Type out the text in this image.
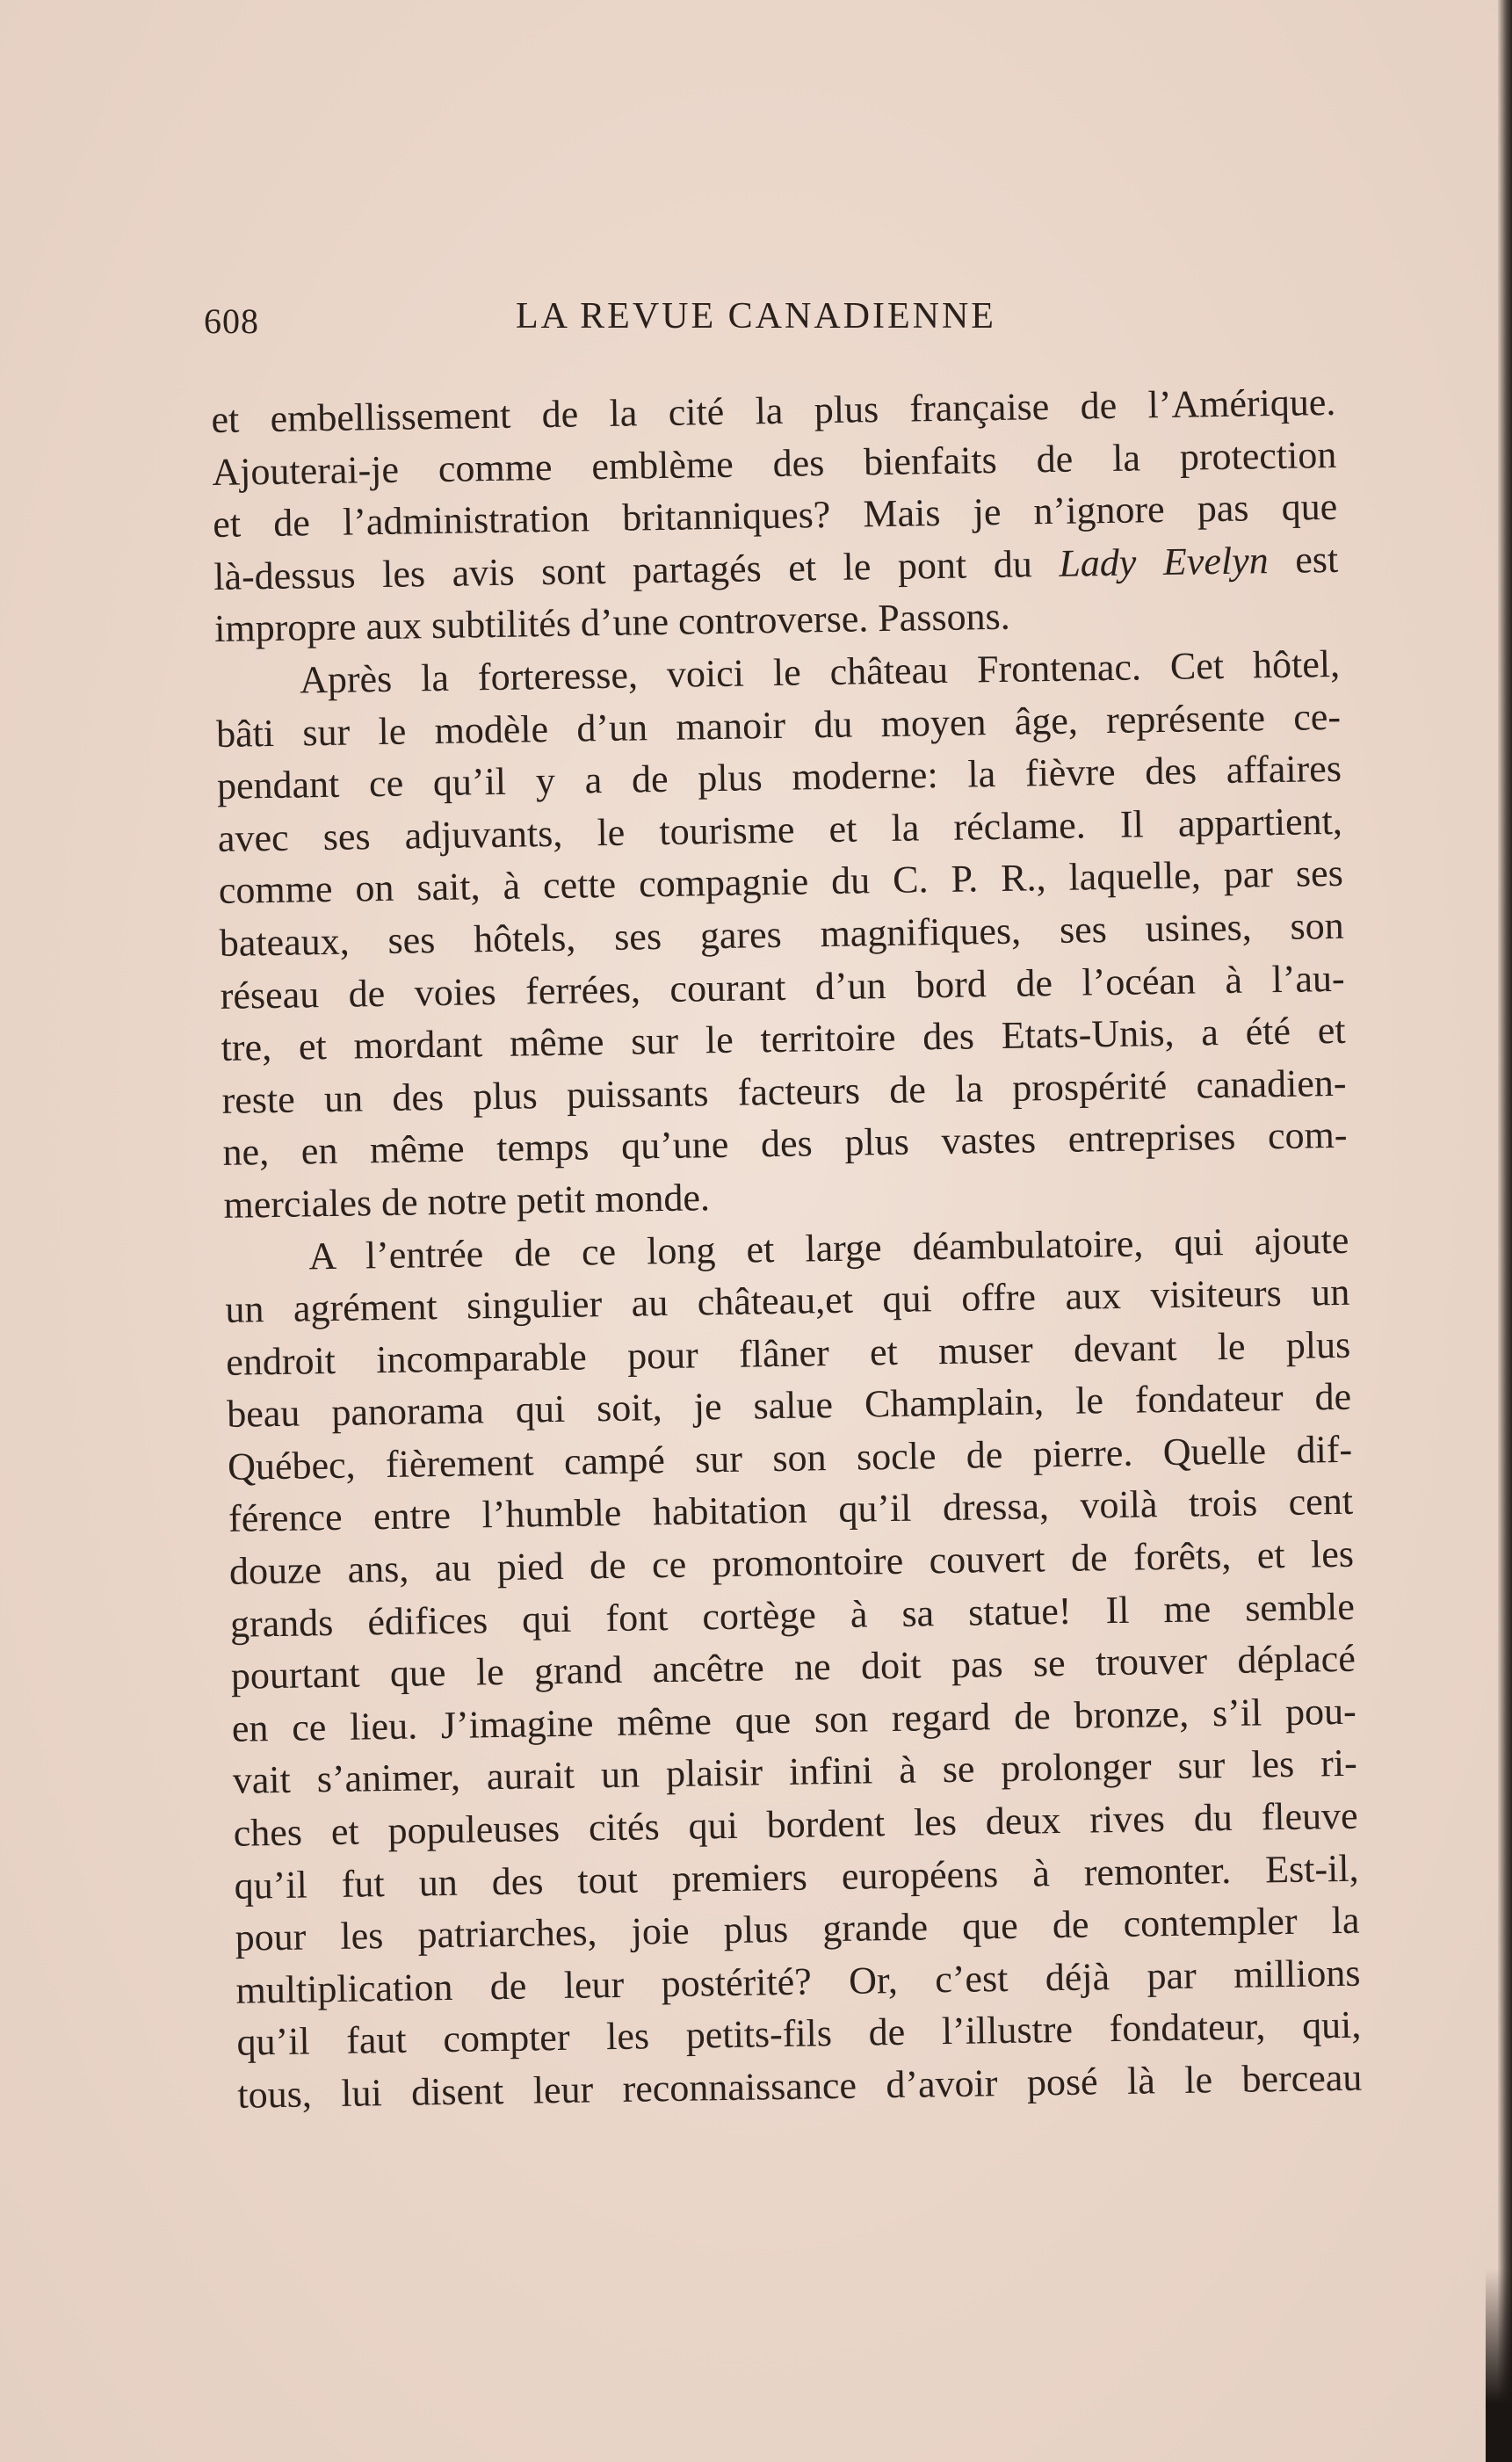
608	LA REVUE CANADIENNE
et embellissement de la cité la plus française de l’Amérique.
Ajouterai-je comme emblème des bienfaits de la protection
et de l’administration britanniques? Mais je n’ignore pas que
là-dessus les avis sont partagés et le pont du Lady Evelyn est
impropre aux subtilités d’une controverse. Passons.
Après la forteresse, voici le château Frontenac. Cet hôtel,
bâti sur le modèle d’un manoir du moyen âge, représente ce-
pendant ce qu’il y a de plus moderne: la fièvre des affaires
avec ses adjuvants, le tourisme et la réclame. Il appartient,
comme on sait, à cette compagnie du C. P. R., laquelle, par ses
bateaux, ses hôtels, ses gares magnifiques, ses usines, son
réseau de voies ferrées, courant d’un bord de l’océan à l’au-
tre, et mordant même sur le territoire des Etats-Unis, a été et
reste un des plus puissants facteurs de la prospérité canadien-
ne, en même temps qu’une des plus vastes entreprises com-
merciales de notre petit monde.
A l’entrée de ce long et large déambulatoire, qui ajoute
un agrément singulier au château,et qui offre aux visiteurs un
endroit incomparable pour flâner et muser devant le plus
beau panorama qui soit, je salue Champlain, le fondateur de
Québec, fièrement campé sur son socle de pierre. Quelle dif-
férence entre l’humble habitation qu’il dressa, voilà trois cent
douze ans, au pied de ce promontoire couvert de forêts, et les
grands édifices qui font cortège à sa statue! Il me semble
pourtant que le grand ancêtre ne doit pas se trouver déplacé
en ce lieu. J’imagine même que son regard de bronze, s’il pou-
vait s’animer, aurait un plaisir infini à se prolonger sur les ri-
ches et populeuses cités qui bordent les deux rives du fleuve
qu’il fut un des tout premiers européens à remonter. Est-il,
pour les patriarches, joie plus grande que de contempler la
multiplication de leur postérité? Or, c’est déjà par millions
qu’il faut compter les petits-fils de l’illustre fondateur, qui,
tous, lui disent leur reconnaissance d’avoir posé là le berceau
